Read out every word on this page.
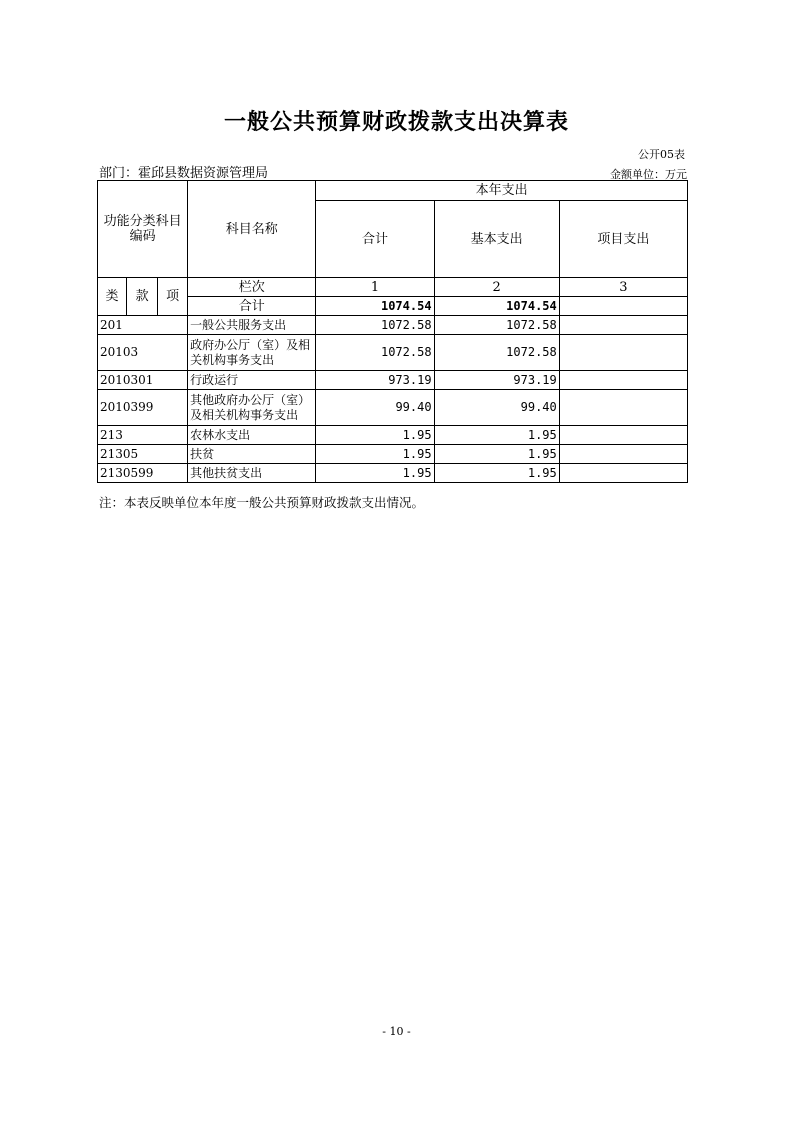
一般公共预算财政拨款支出决算表
公开05表
部门：霍邱县数据资源管理局	金额单位：万元
功能分类科目编码			科目名称	本年支出		
				合计	基本支出	项目支出
类	款	项	栏次	1	2	3
			合计	1074.54	1074.54	
201			一般公共服务支出	1072.58	1072.58	
20103			政府办公厅（室）及相关机构事务支出	1072.58	1072.58	
2010301			行政运行	973.19	973.19	
2010399			其他政府办公厅（室）及相关机构事务支出	99.40	99.40	
213			农林水支出	1.95	1.95	
21305			扶贫	1.95	1.95	
2130599			其他扶贫支出	1.95	1.95	
注：本表反映单位本年度一般公共预算财政拨款支出情况。
- 10 -
